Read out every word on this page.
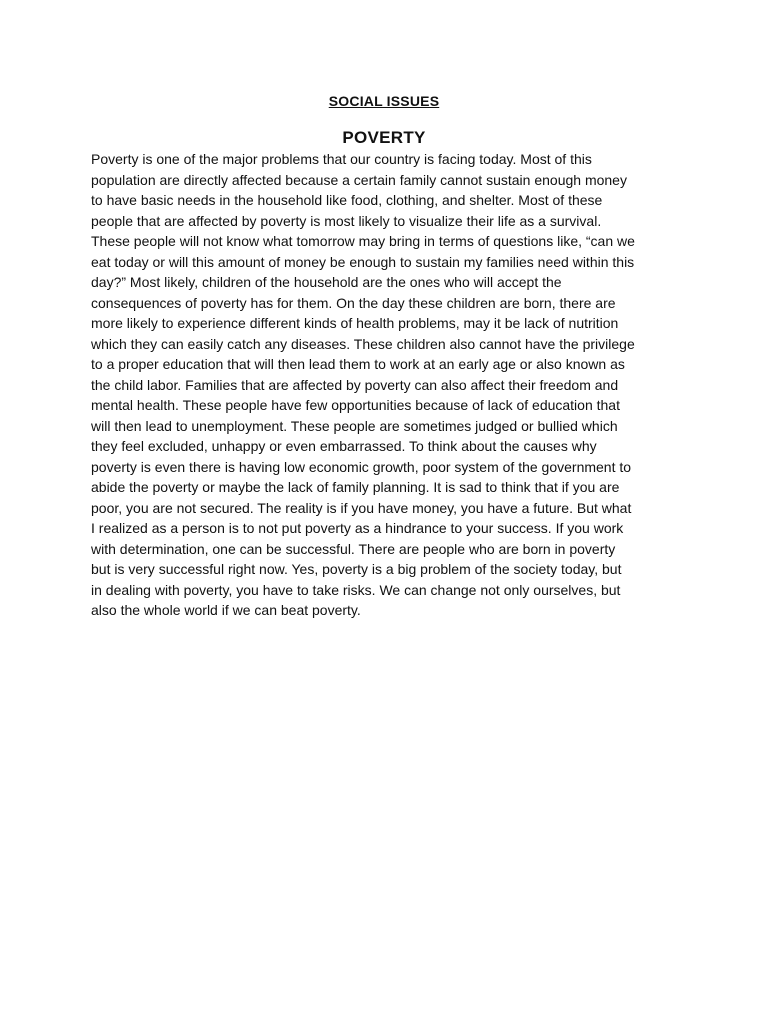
SOCIAL ISSUES
POVERTY
Poverty is one of the major problems that our country is facing today. Most of this
population are directly affected because a certain family cannot sustain enough money
to have basic needs in the household like food, clothing, and shelter. Most of these
people that are affected by poverty is most likely to visualize their life as a survival.
These people will not know what tomorrow may bring in terms of questions like, “can we
eat today or will this amount of money be enough to sustain my families need within this
day?” Most likely, children of the household are the ones who will accept the
consequences of poverty has for them. On the day these children are born, there are
more likely to experience different kinds of health problems, may it be lack of nutrition
which they can easily catch any diseases. These children also cannot have the privilege
to a proper education that will then lead them to work at an early age or also known as
the child labor. Families that are affected by poverty can also affect their freedom and
mental health. These people have few opportunities because of lack of education that
will then lead to unemployment. These people are sometimes judged or bullied which
they feel excluded, unhappy or even embarrassed. To think about the causes why
poverty is even there is having low economic growth, poor system of the government to
abide the poverty or maybe the lack of family planning. It is sad to think that if you are
poor, you are not secured. The reality is if you have money, you have a future. But what
I realized as a person is to not put poverty as a hindrance to your success. If you work
with determination, one can be successful. There are people who are born in poverty
but is very successful right now. Yes, poverty is a big problem of the society today, but
in dealing with poverty, you have to take risks. We can change not only ourselves, but
also the whole world if we can beat poverty.
